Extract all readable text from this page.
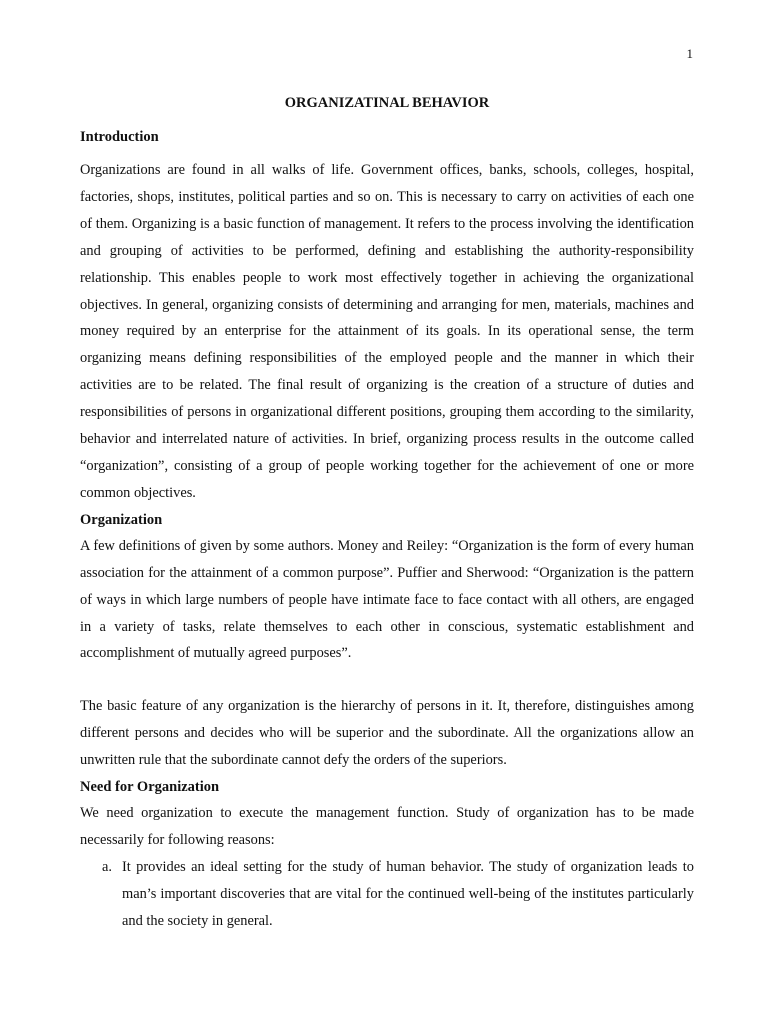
1
ORGANIZATINAL BEHAVIOR
Introduction

Organizations are found in all walks of life. Government offices, banks, schools, colleges, hospital, factories, shops, institutes, political parties and so on. This is necessary to carry on activities of each one of them. Organizing is a basic function of management. It refers to the process involving the identification and grouping of activities to be performed, defining and establishing the authority-responsibility relationship. This enables people to work most effectively together in achieving the organizational objectives. In general, organizing consists of determining and arranging for men, materials, machines and money required by an enterprise for the attainment of its goals. In its operational sense, the term organizing means defining responsibilities of the employed people and the manner in which their activities are to be related. The final result of organizing is the creation of a structure of duties and responsibilities of persons in organizational different positions, grouping them according to the similarity, behavior and interrelated nature of activities. In brief, organizing process results in the outcome called “organization”, consisting of a group of people working together for the achievement of one or more common objectives.

Organization

A few definitions of given by some authors. Money and Reiley: “Organization is the form of every human association for the attainment of a common purpose”. Puffier and Sherwood: “Organization is the pattern of ways in which large numbers of people have intimate face to face contact with all others, are engaged in a variety of tasks, relate themselves to each other in conscious, systematic establishment and accomplishment of mutually agreed purposes”.

The basic feature of any organization is the hierarchy of persons in it. It, therefore, distinguishes among different persons and decides who will be superior and the subordinate. All the organizations allow an unwritten rule that the subordinate cannot defy the orders of the superiors.

Need for Organization

We need organization to execute the management function. Study of organization has to be made necessarily for following reasons:

a. It provides an ideal setting for the study of human behavior. The study of organization leads to man’s important discoveries that are vital for the continued well-being of the institutes particularly and the society in general.
